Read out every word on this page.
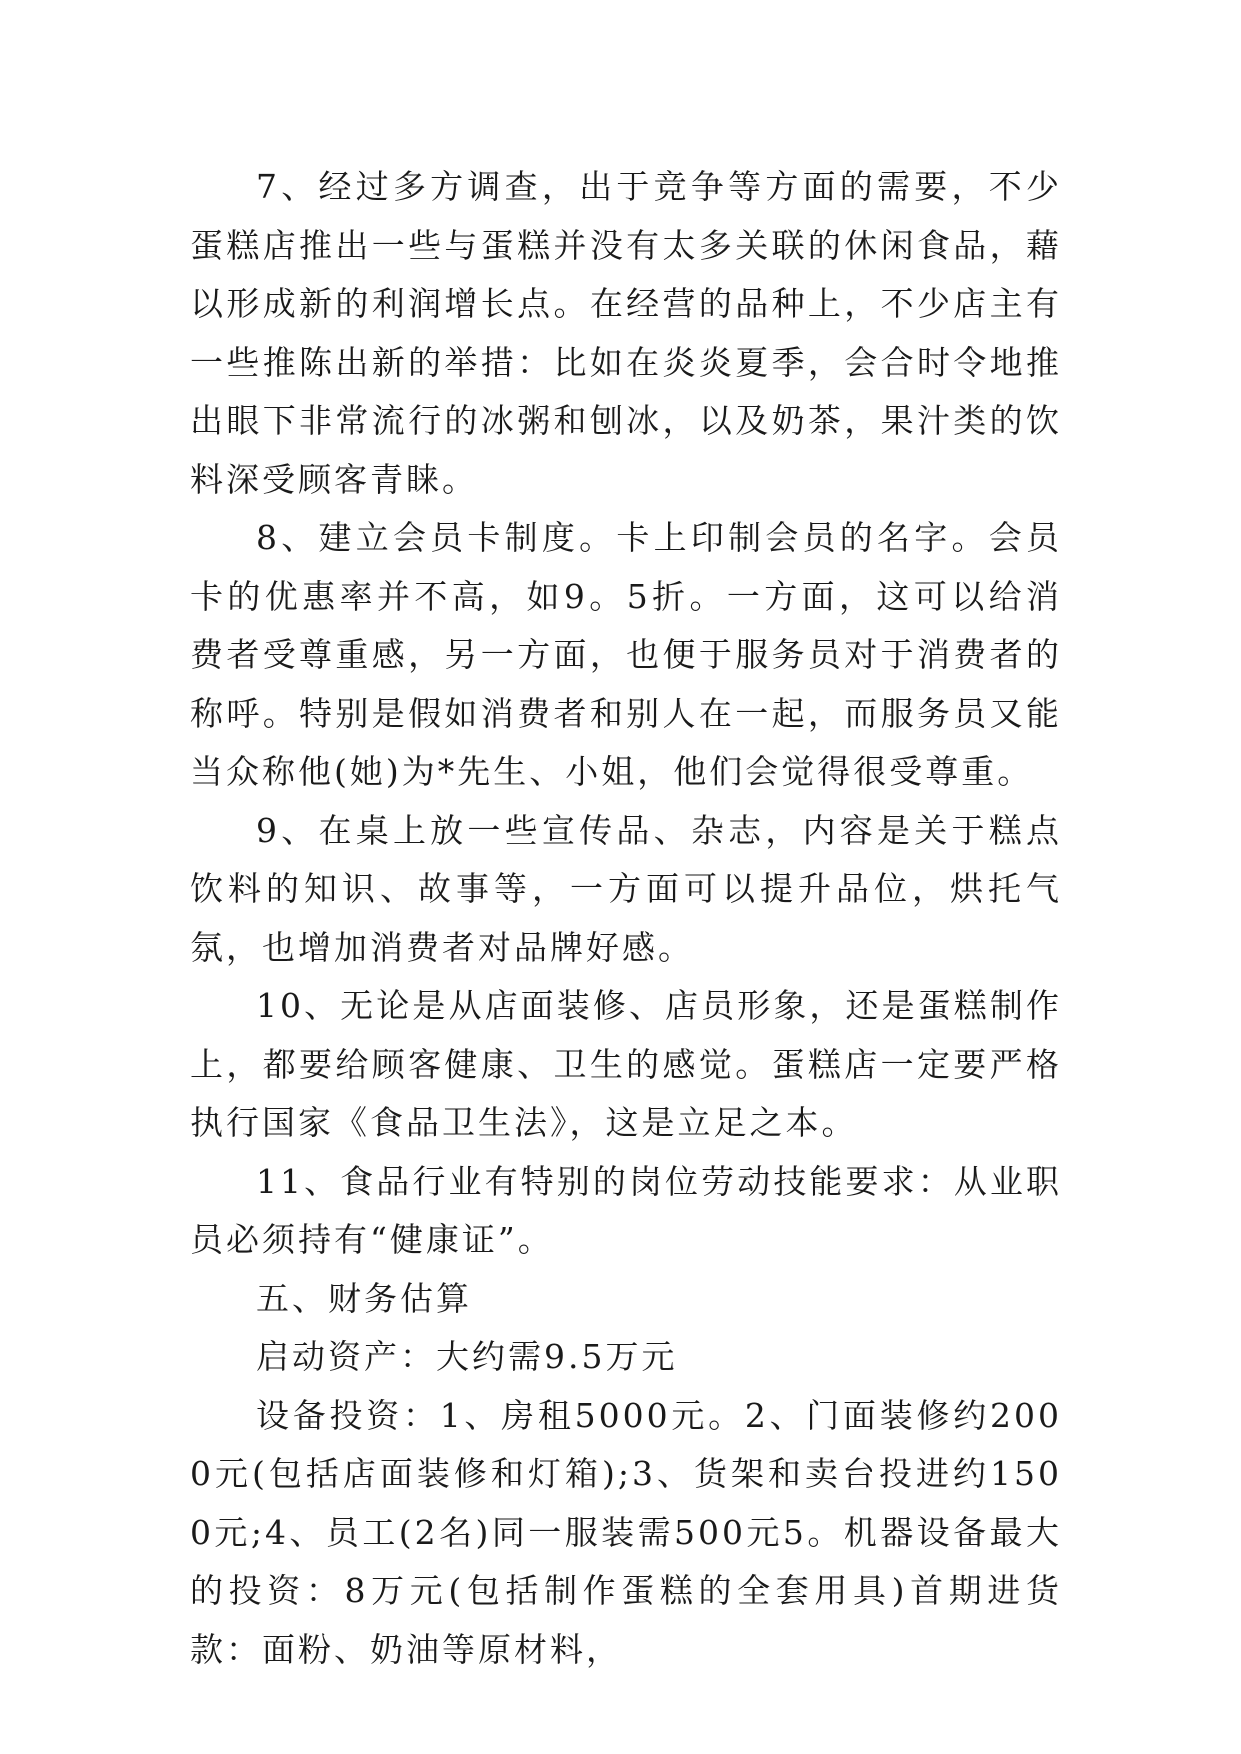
7、经过多方调查，出于竞争等方面的需要，不少蛋糕店推出一些与蛋糕并没有太多关联的休闲食品，藉以形成新的利润增长点。在经营的品种上，不少店主有一些推陈出新的举措：比如在炎炎夏季，会合时令地推出眼下非常流行的冰粥和刨冰，以及奶茶，果汁类的饮料深受顾客青睐。

8、建立会员卡制度。卡上印制会员的名字。会员卡的优惠率并不高，如9。5折。一方面，这可以给消费者受尊重感，另一方面，也便于服务员对于消费者的称呼。特别是假如消费者和别人在一起，而服务员又能当众称他(她)为*先生、小姐，他们会觉得很受尊重。

9、在桌上放一些宣传品、杂志，内容是关于糕点饮料的知识、故事等，一方面可以提升品位，烘托气氛，也增加消费者对品牌好感。

10、无论是从店面装修、店员形象，还是蛋糕制作上，都要给顾客健康、卫生的感觉。蛋糕店一定要严格执行国家《食品卫生法》，这是立足之本。

11、食品行业有特别的岗位劳动技能要求：从业职员必须持有“健康证”。

五、财务估算

启动资产：大约需9.5万元

设备投资：1、房租5000元。2、门面装修约2000元(包括店面装修和灯箱);3、货架和卖台投进约1500元;4、员工(2名)同一服装需500元5。机器设备最大的投资：8万元(包括制作蛋糕的全套用具)首期进货款：面粉、奶油等原材料，
